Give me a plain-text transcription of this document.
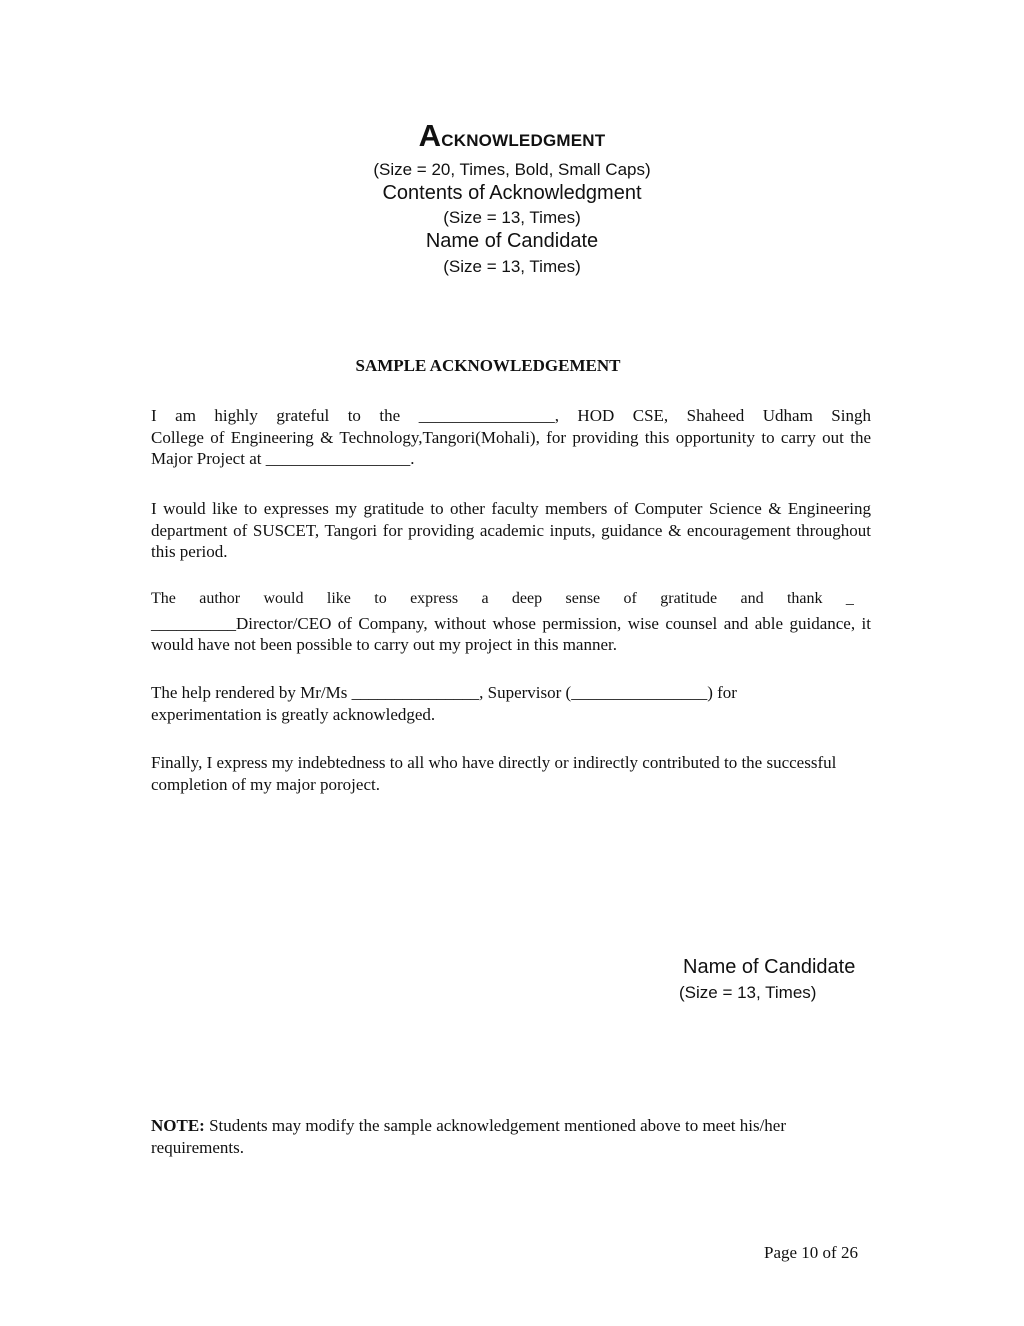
Acknowledgment
(Size = 20, Times, Bold, Small Caps)
Contents of Acknowledgment
(Size = 13, Times)
Name of Candidate
(Size = 13, Times)
SAMPLE ACKNOWLEDGEMENT
I am highly grateful to the ________________, HOD CSE, Shaheed Udham Singh
College of Engineering & Technology,Tangori(Mohali), for providing this opportunity to carry out the Major Project at _________________.
I would like to expresses my gratitude to other faculty members of Computer Science & Engineering department of SUSCET, Tangori for providing academic inputs, guidance & encouragement throughout this period.
The author would like to express a deep sense of gratitude and thank _
__________Director/CEO of Company, without whose permission, wise counsel and able guidance, it would have not been possible to carry out my project in this manner.
The help rendered by Mr/Ms _______________, Supervisor (________________) for experimentation is greatly acknowledged.
Finally, I express my indebtedness to all who have directly or indirectly contributed to the successful completion of my major poroject.
Name of Candidate
(Size = 13, Times)
NOTE: Students may modify the sample acknowledgement mentioned above to meet his/her requirements.
Page 10 of 26
